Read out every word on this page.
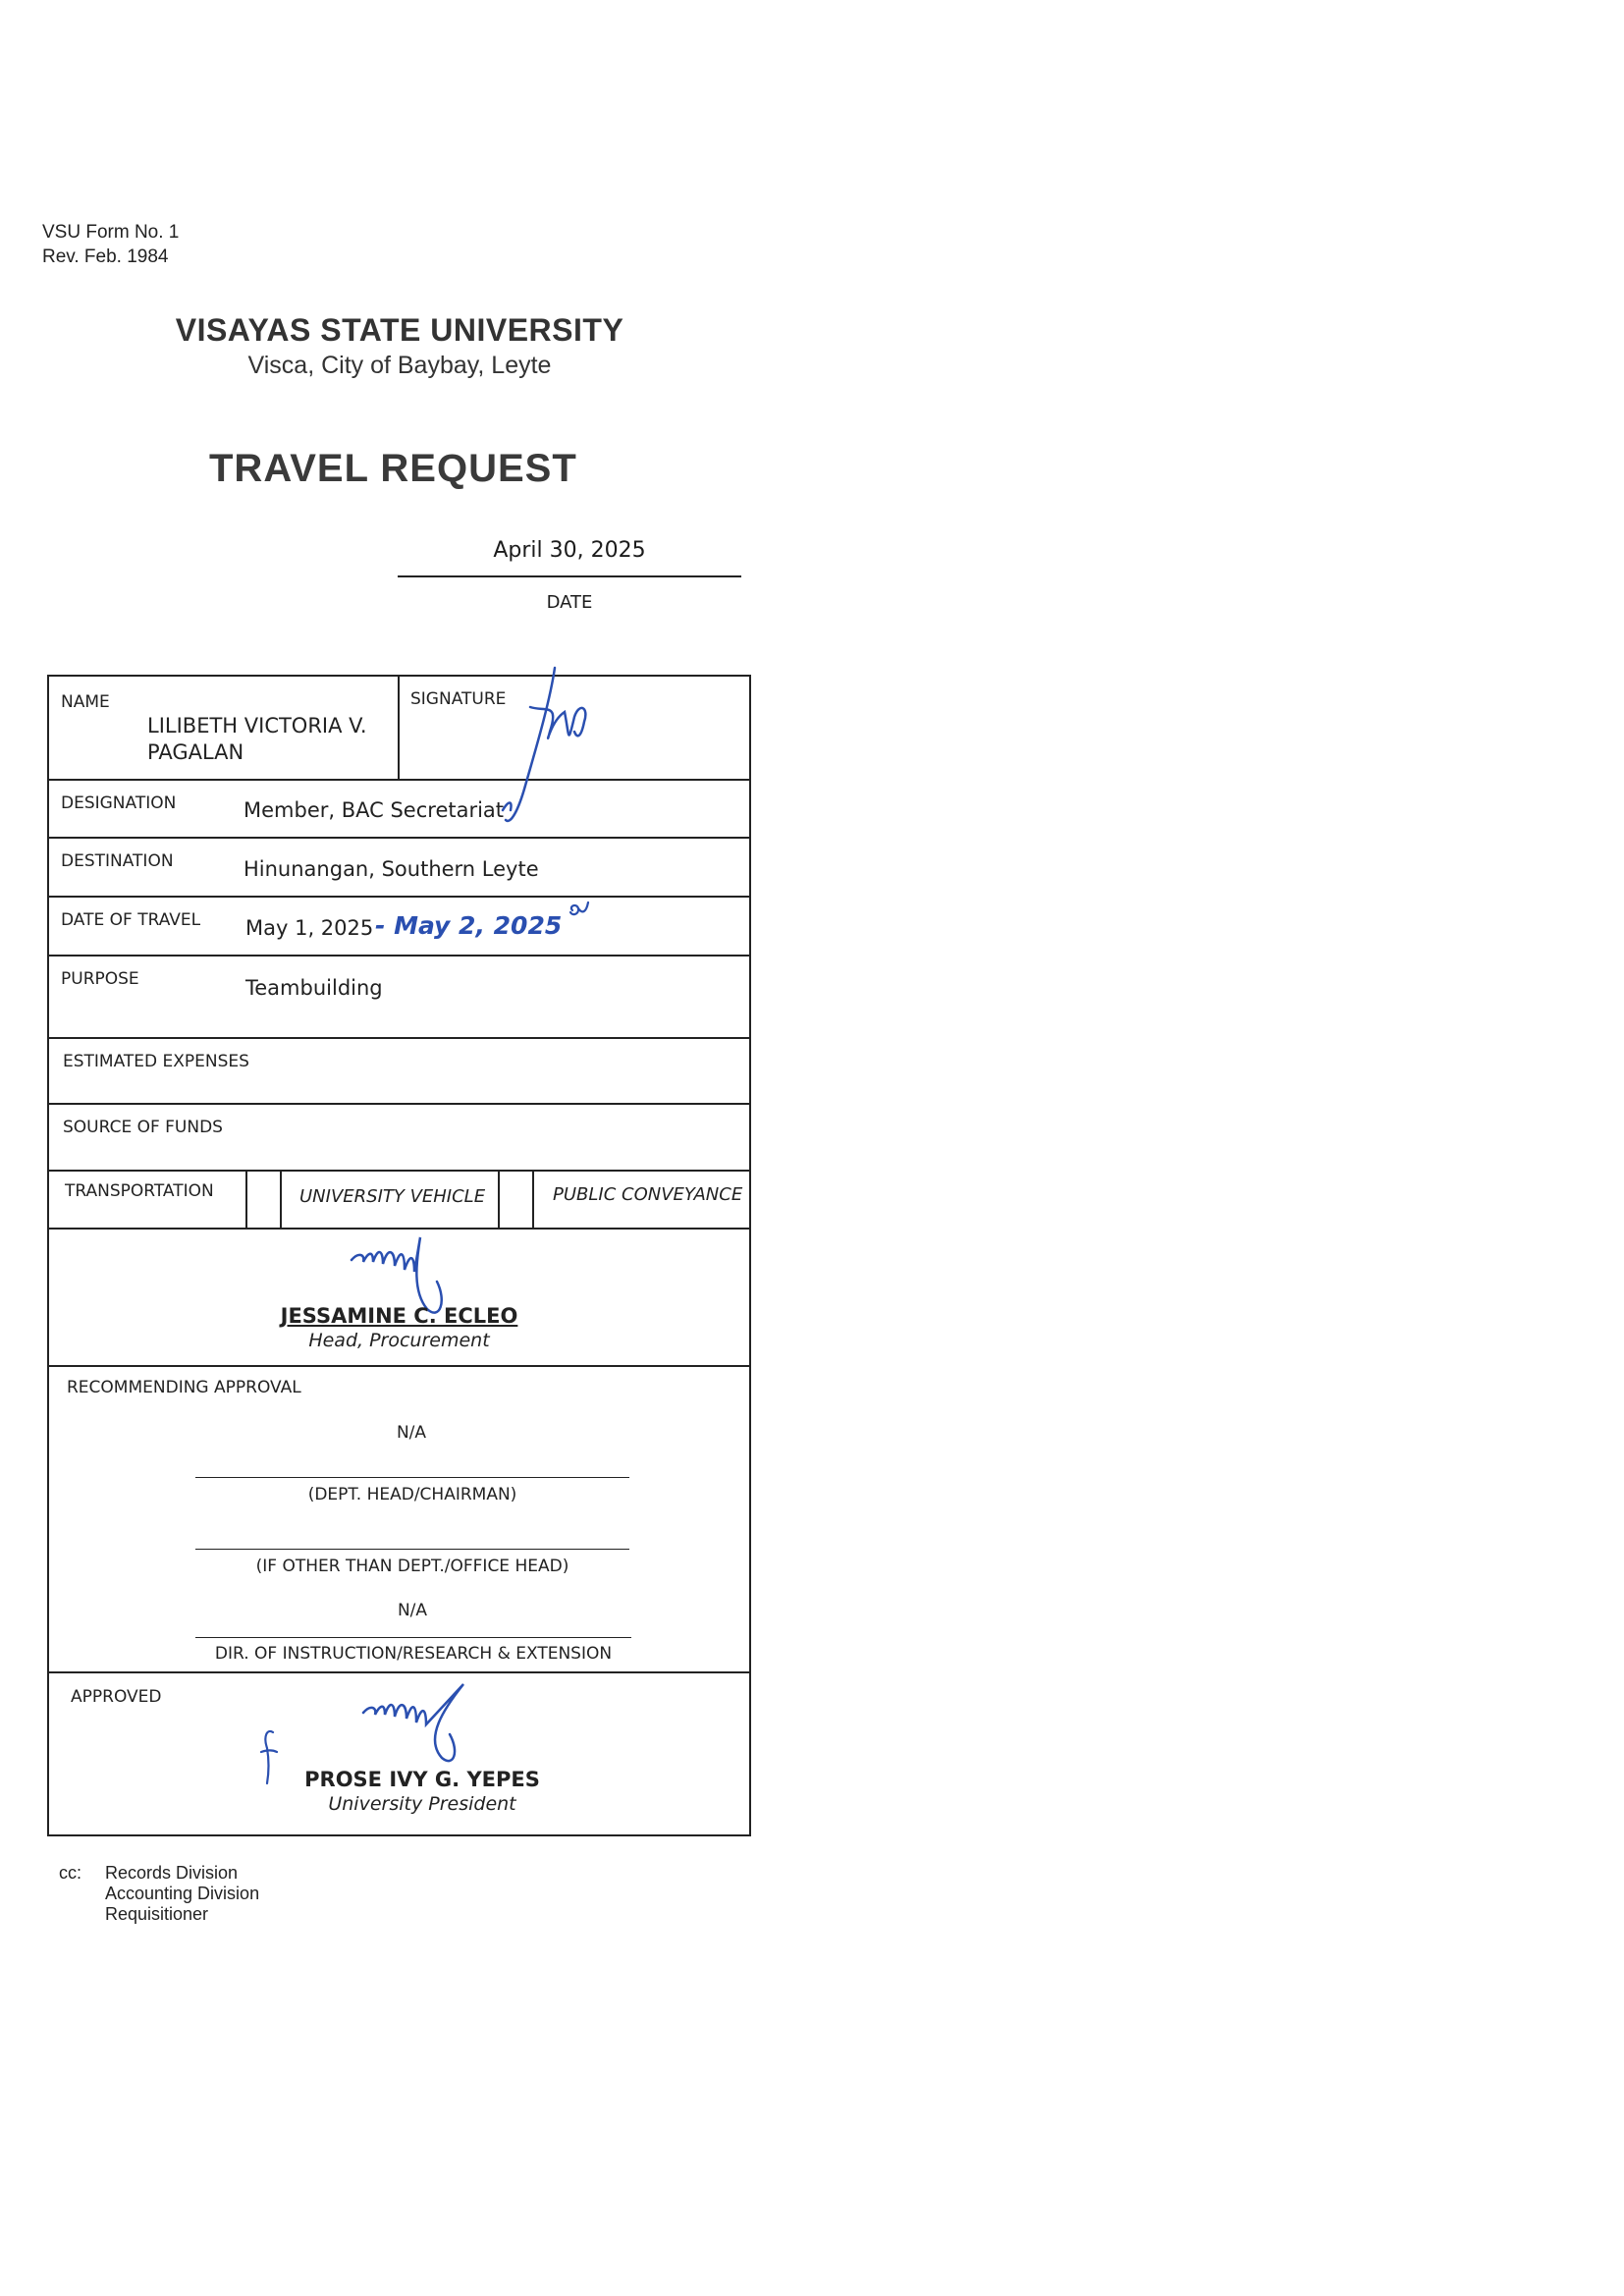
VSU Form No. 1
Rev. Feb. 1984
VISAYAS STATE UNIVERSITY
Visca, City of Baybay, Leyte
TRAVEL REQUEST
April 30, 2025
DATE
NAME
LILIBETH VICTORIA V.
PAGALAN
SIGNATURE
DESIGNATION	Member, BAC Secretariat
DESTINATION	Hinunangan, Southern Leyte
DATE OF TRAVEL May 1, 2025 - May 2, 2025
PURPOSE	Teambuilding
ESTIMATED EXPENSES
SOURCE OF FUNDS
TRANSPORTATION	UNIVERSITY VEHICLE	PUBLIC CONVEYANCE
JESSAMINE C. ECLEO
Head, Procurement
RECOMMENDING APPROVAL
N/A
(DEPT. HEAD/CHAIRMAN)
(IF OTHER THAN DEPT./OFFICE HEAD)
N/A
DIR. OF INSTRUCTION/RESEARCH & EXTENSION
APPROVED
PROSE IVY G. YEPES
University President
cc: Records Division
Accounting Division
Requisitioner
